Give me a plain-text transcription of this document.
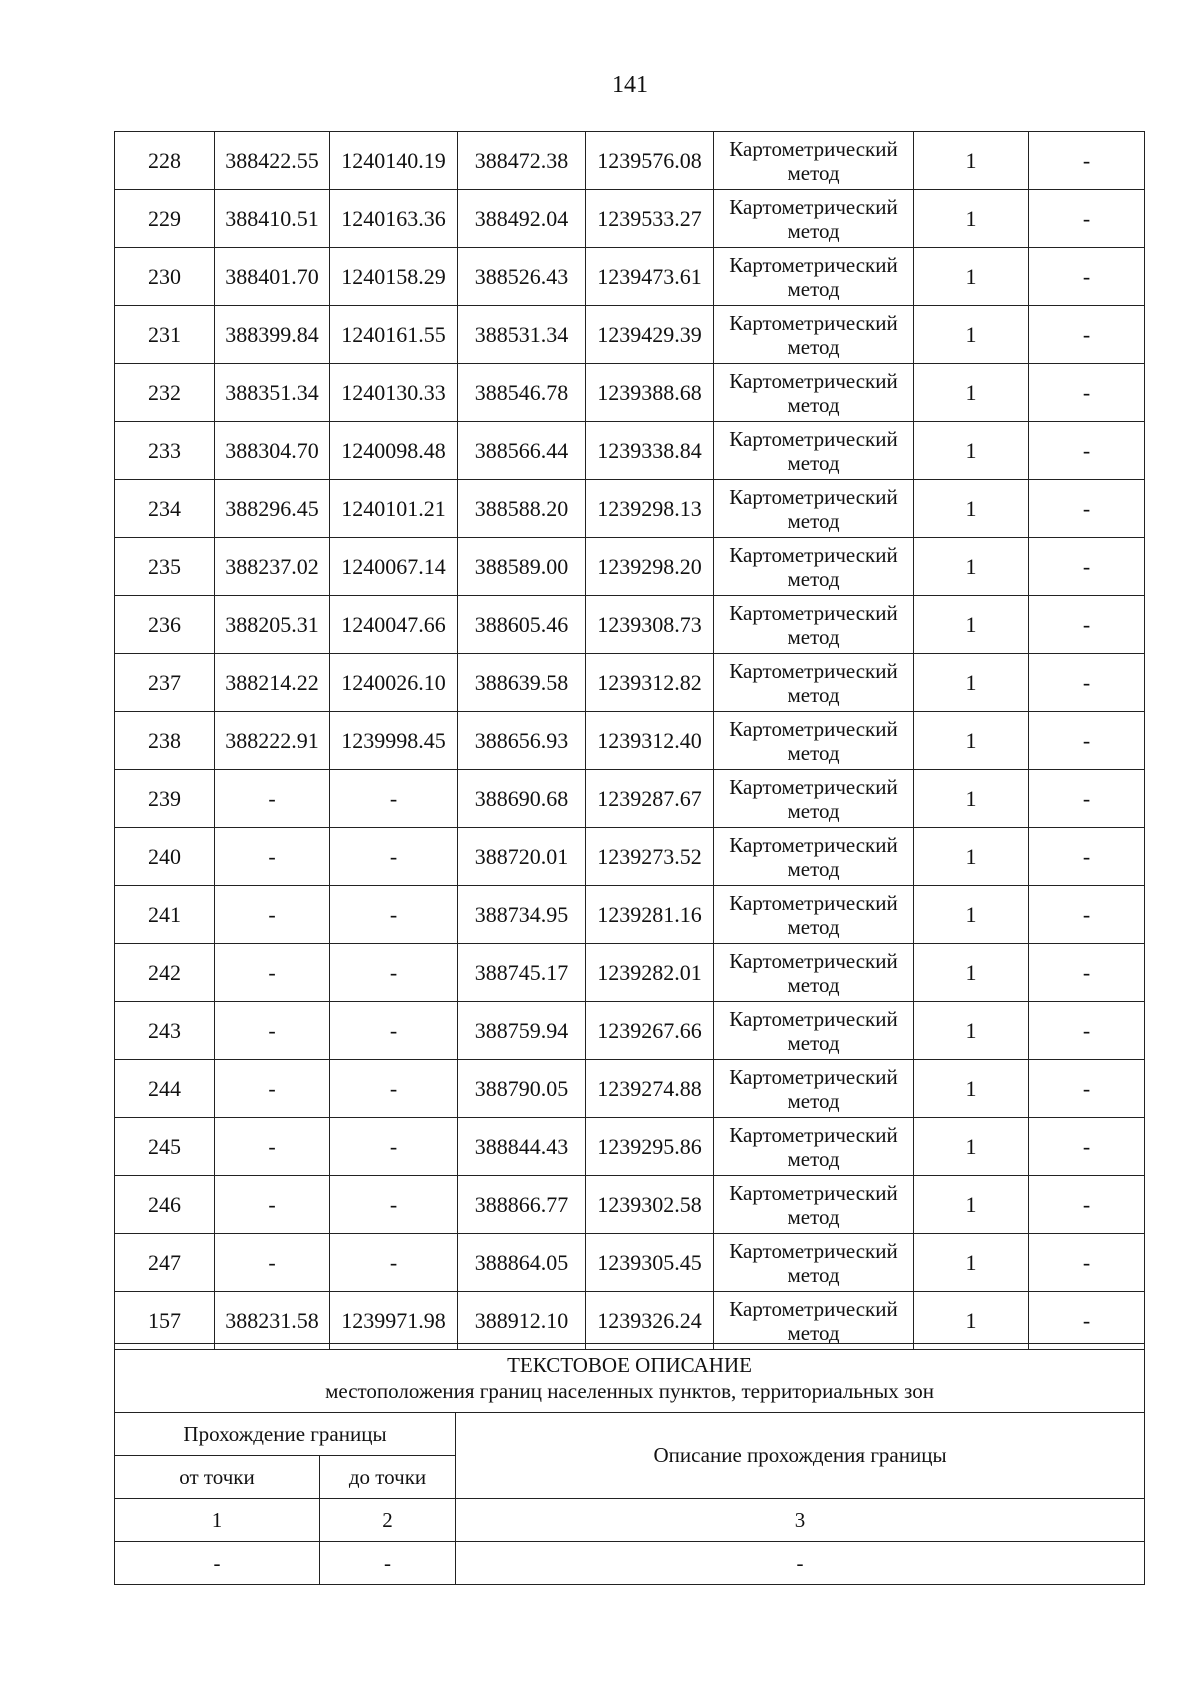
141
228	388422.55	1240140.19	388472.38	1239576.08	Картометрический
метод	1	-
229	388410.51	1240163.36	388492.04	1239533.27	Картометрический
метод	1	-
230	388401.70	1240158.29	388526.43	1239473.61	Картометрический
метод	1	-
231	388399.84	1240161.55	388531.34	1239429.39	Картометрический
метод	1	-
232	388351.34	1240130.33	388546.78	1239388.68	Картометрический
метод	1	-
233	388304.70	1240098.48	388566.44	1239338.84	Картометрический
метод	1	-
234	388296.45	1240101.21	388588.20	1239298.13	Картометрический
метод	1	-
235	388237.02	1240067.14	388589.00	1239298.20	Картометрический
метод	1	-
236	388205.31	1240047.66	388605.46	1239308.73	Картометрический
метод	1	-
237	388214.22	1240026.10	388639.58	1239312.82	Картометрический
метод	1	-
238	388222.91	1239998.45	388656.93	1239312.40	Картометрический
метод	1	-
239	-	-	388690.68	1239287.67	Картометрический
метод	1	-
240	-	-	388720.01	1239273.52	Картометрический
метод	1	-
241	-	-	388734.95	1239281.16	Картометрический
метод	1	-
242	-	-	388745.17	1239282.01	Картометрический
метод	1	-
243	-	-	388759.94	1239267.66	Картометрический
метод	1	-
244	-	-	388790.05	1239274.88	Картометрический
метод	1	-
245	-	-	388844.43	1239295.86	Картометрический
метод	1	-
246	-	-	388866.77	1239302.58	Картометрический
метод	1	-
247	-	-	388864.05	1239305.45	Картометрический
метод	1	-
157	388231.58	1239971.98	388912.10	1239326.24	Картометрический
метод	1	-
ТЕКСТОВОЕ ОПИСАНИЕ
местоположения границ населенных пунктов, территориальных зон		

Прохождение границы		Описание прохождения границы
от точки	до точки	
1	2	3
-	-	-
